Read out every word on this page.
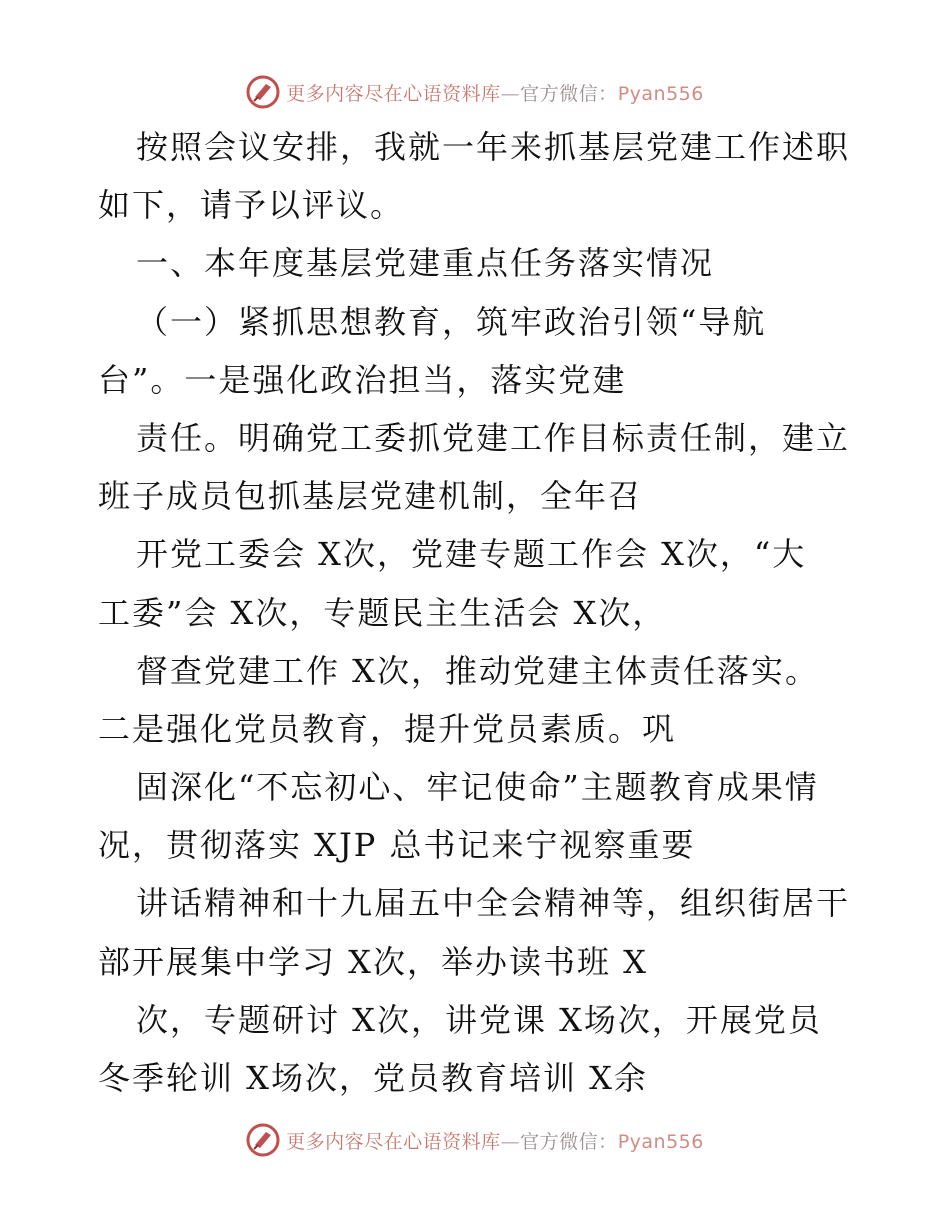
更多内容尽在心语资料库—官方微信：Pyan556
按照会议安排，我就一年来抓基层党建工作述职
如下，请予以评议。
一、本年度基层党建重点任务落实情况
（一）紧抓思想教育，筑牢政治引领“导航
台”。一是强化政治担当，落实党建
责任。明确党工委抓党建工作目标责任制，建立
班子成员包抓基层党建机制，全年召
开党工委会 X次，党建专题工作会 X次，“大
工委”会 X次，专题民主生活会 X次，
督查党建工作 X次，推动党建主体责任落实。
二是强化党员教育，提升党员素质。巩
固深化“不忘初心、牢记使命”主题教育成果情
况，贯彻落实 XJP 总书记来宁视察重要
讲话精神和十九届五中全会精神等，组织街居干
部开展集中学习 X次，举办读书班 X
次，专题研讨 X次，讲党课 X场次，开展党员
冬季轮训 X场次，党员教育培训 X余
更多内容尽在心语资料库—官方微信：Pyan556
